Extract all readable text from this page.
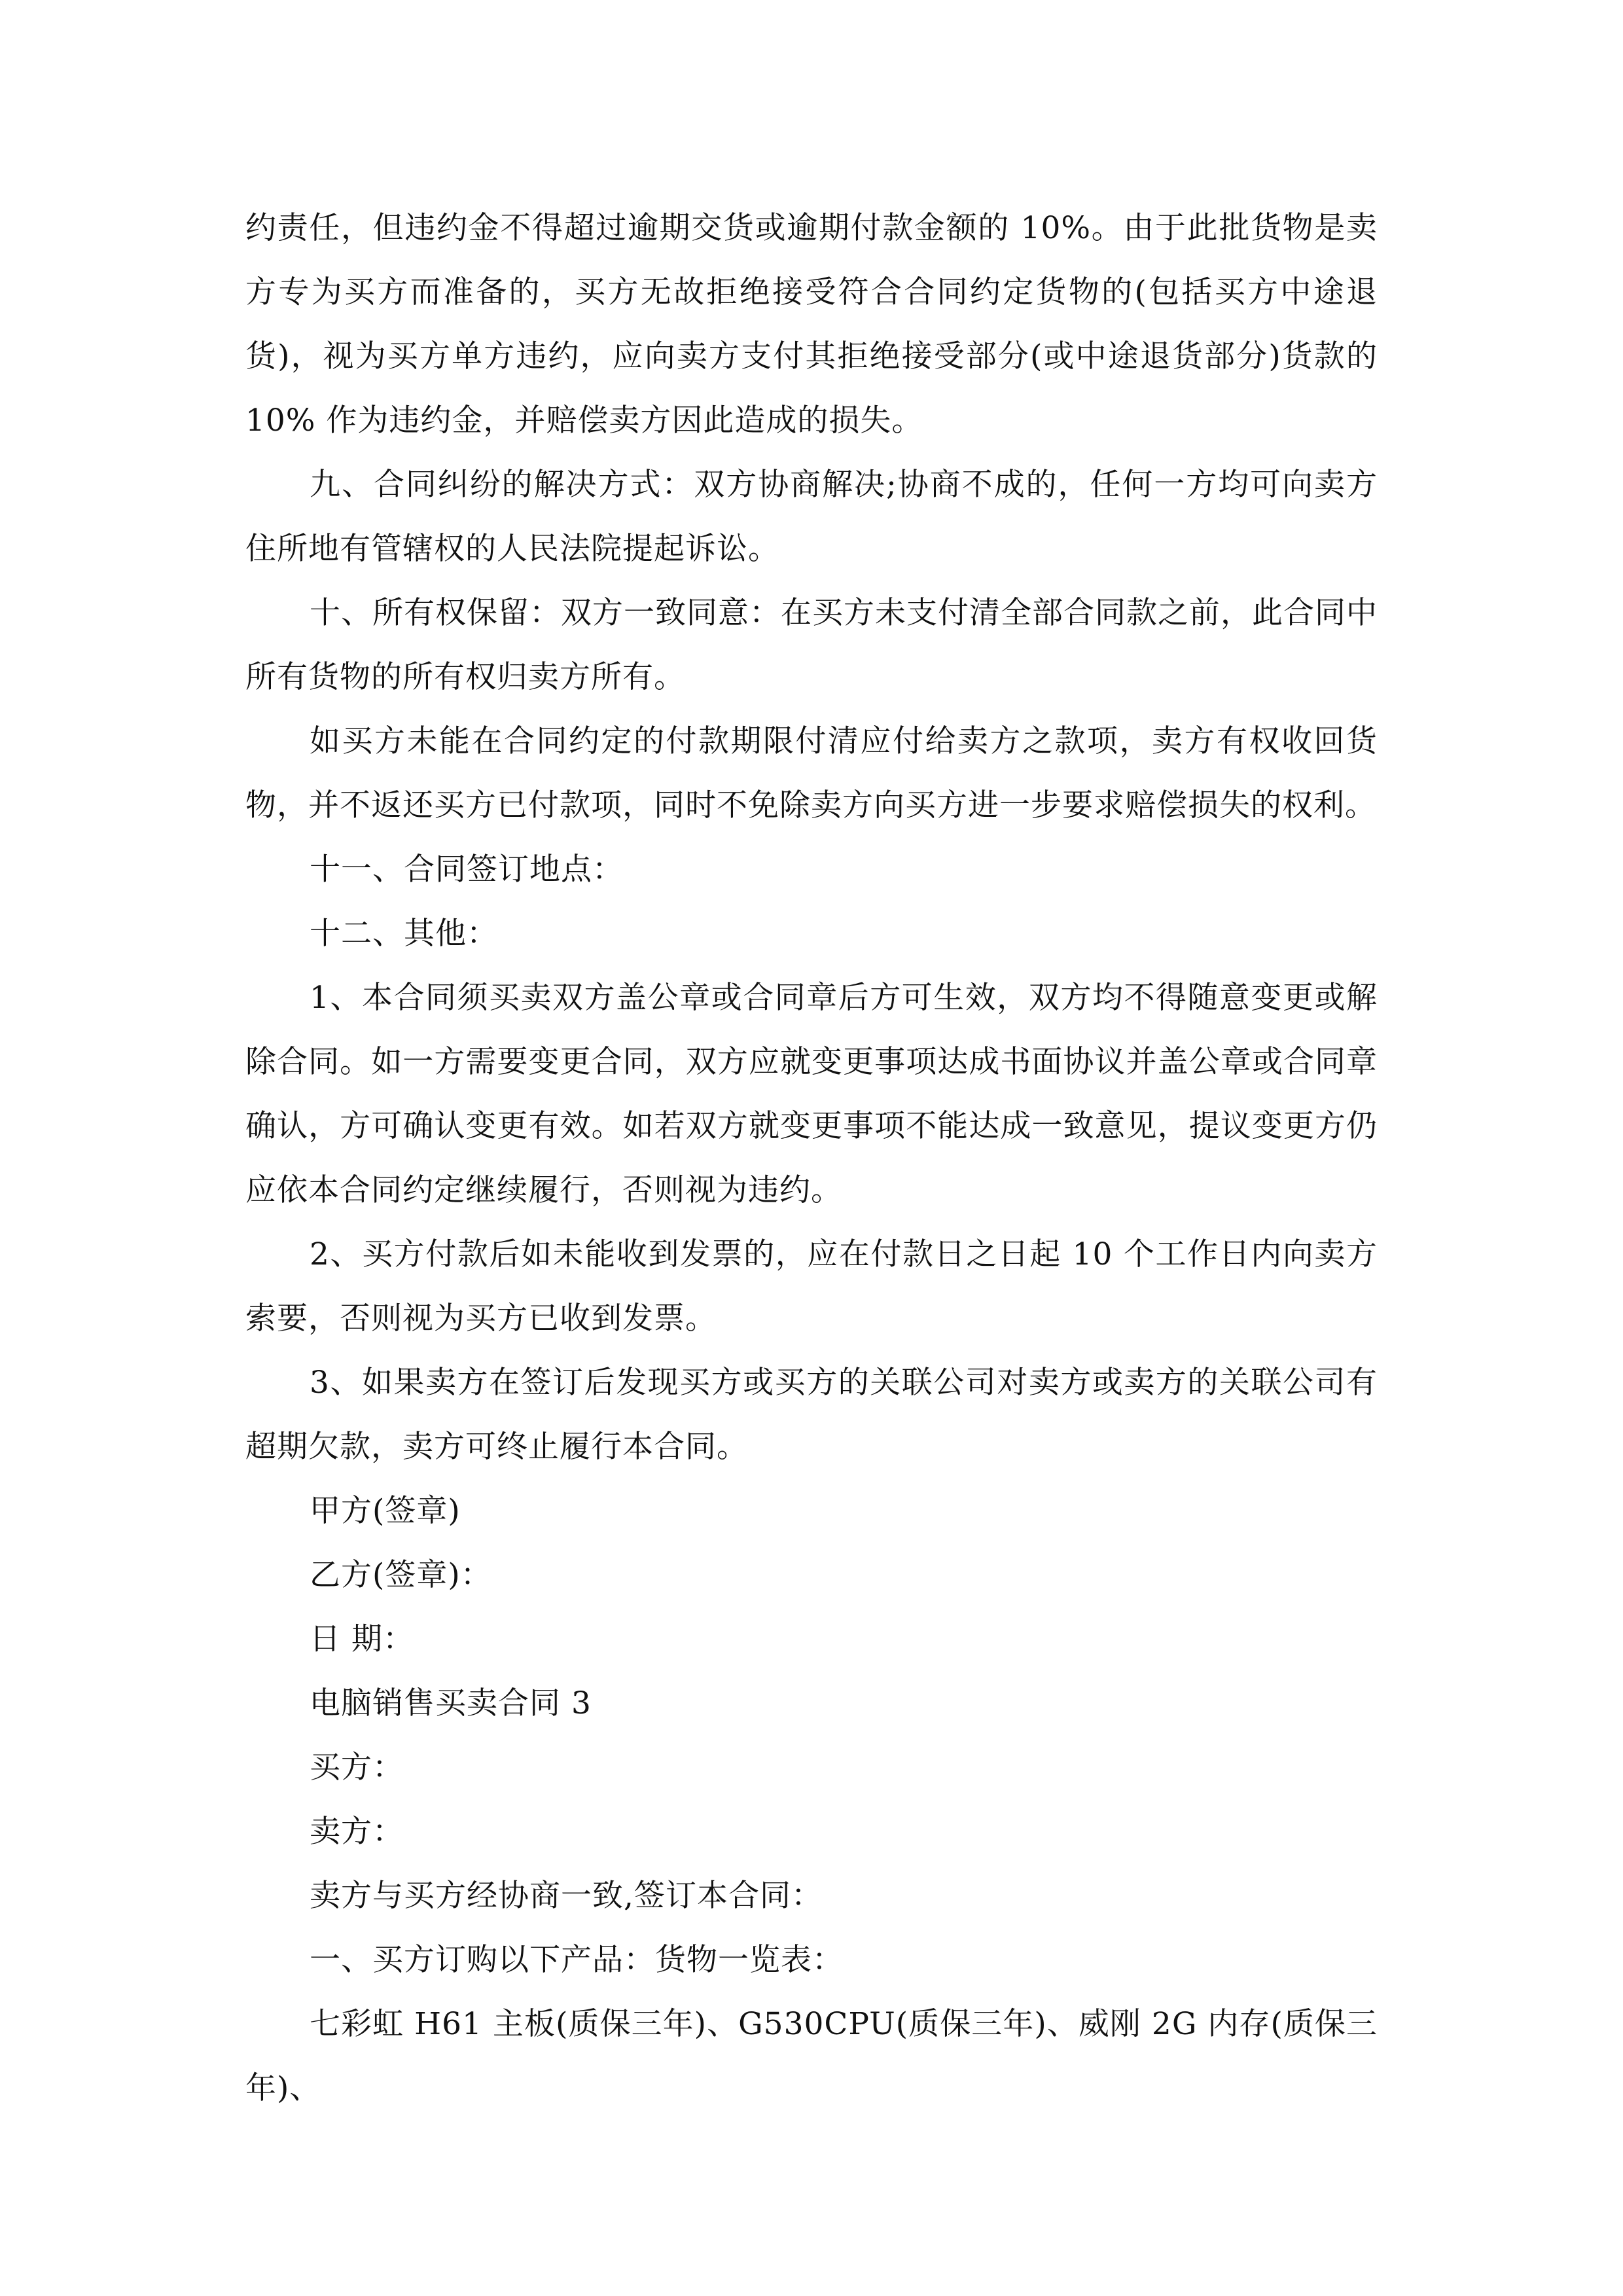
约责任，但违约金不得超过逾期交货或逾期付款金额的 10%。由于此批货物是卖方专为买方而准备的，买方无故拒绝接受符合合同约定货物的(包括买方中途退货)，视为买方单方违约，应向卖方支付其拒绝接受部分(或中途退货部分)货款的 10% 作为违约金，并赔偿卖方因此造成的损失。

九、合同纠纷的解决方式：双方协商解决;协商不成的，任何一方均可向卖方住所地有管辖权的人民法院提起诉讼。

十、所有权保留：双方一致同意：在买方未支付清全部合同款之前，此合同中所有货物的所有权归卖方所有。

如买方未能在合同约定的付款期限付清应付给卖方之款项，卖方有权收回货物，并不返还买方已付款项，同时不免除卖方向买方进一步要求赔偿损失的权利。

十一、合同签订地点：

十二、其他：

1、本合同须买卖双方盖公章或合同章后方可生效，双方均不得随意变更或解除合同。如一方需要变更合同，双方应就变更事项达成书面协议并盖公章或合同章确认，方可确认变更有效。如若双方就变更事项不能达成一致意见，提议变更方仍应依本合同约定继续履行，否则视为违约。

2、买方付款后如未能收到发票的，应在付款日之日起 10 个工作日内向卖方索要，否则视为买方已收到发票。

3、如果卖方在签订后发现买方或买方的关联公司对卖方或卖方的关联公司有超期欠款，卖方可终止履行本合同。

甲方(签章)

乙方(签章)：

日 期：

电脑销售买卖合同 3

买方：

卖方：

卖方与买方经协商一致,签订本合同：

一、买方订购以下产品：货物一览表：

七彩虹 H61 主板(质保三年)、G530CPU(质保三年)、威刚 2G 内存(质保三年)、
